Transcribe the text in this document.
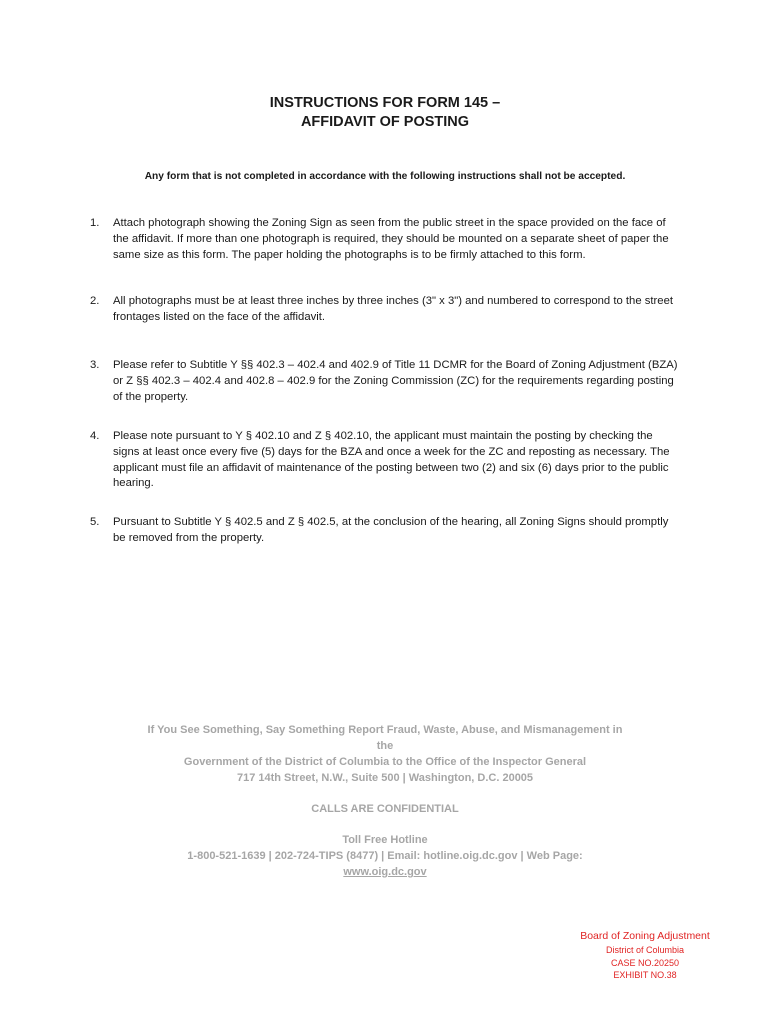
INSTRUCTIONS FOR FORM 145 –
AFFIDAVIT OF POSTING
Any form that is not completed in accordance with the following instructions shall not be accepted.
1. Attach photograph showing the Zoning Sign as seen from the public street in the space provided on the face of the affidavit. If more than one photograph is required, they should be mounted on a separate sheet of paper the same size as this form. The paper holding the photographs is to be firmly attached to this form.
2. All photographs must be at least three inches by three inches (3" x 3") and numbered to correspond to the street frontages listed on the face of the affidavit.
3. Please refer to Subtitle Y §§ 402.3 – 402.4 and 402.9 of Title 11 DCMR for the Board of Zoning Adjustment (BZA) or Z §§ 402.3 – 402.4 and 402.8 – 402.9 for the Zoning Commission (ZC) for the requirements regarding posting of the property.
4. Please note pursuant to Y § 402.10 and Z § 402.10, the applicant must maintain the posting by checking the signs at least once every five (5) days for the BZA and once a week for the ZC and reposting as necessary. The applicant must file an affidavit of maintenance of the posting between two (2) and six (6) days prior to the public hearing.
5. Pursuant to Subtitle Y § 402.5 and Z § 402.5, at the conclusion of the hearing, all Zoning Signs should promptly be removed from the property.

If You See Something, Say Something Report Fraud, Waste, Abuse, and Mismanagement in

the

Government of the District of Columbia to the Office of the Inspector General

717 14th Street, N.W., Suite 500 | Washington, D.C. 20005

CALLS ARE CONFIDENTIAL

Toll Free Hotline

1-800-521-1639 | 202-724-TIPS (8477) | Email: hotline.oig.dc.gov | Web Page:

www.oig.dc.gov

Board of Zoning Adjustment
District of Columbia
CASE NO.20250
EXHIBIT NO.38
